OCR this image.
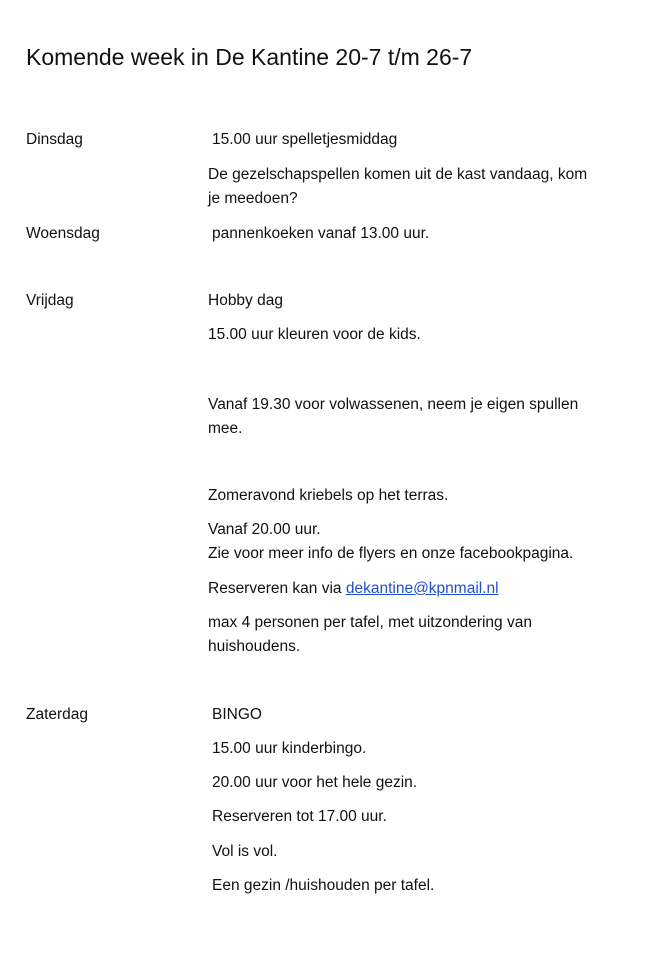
Komende week in De Kantine 20-7 t/m 26-7
Dinsdag	15.00 uur spelletjesmiddag
De gezelschapspellen komen uit de kast vandaag, kom
je meedoen?
Woensdag	pannenkoeken vanaf 13.00 uur.
Vrijdag	Hobby dag
15.00 uur kleuren voor de kids.
Vanaf 19.30 voor volwassenen, neem je eigen spullen
mee.
Zomeravond kriebels op het terras.
Vanaf 20.00 uur.
Zie voor meer info de flyers en onze facebookpagina.
Reserveren kan via dekantine@kpnmail.nl
max 4 personen per tafel, met uitzondering van
huishoudens.
Zaterdag	BINGO
15.00 uur kinderbingo.
20.00 uur voor het hele gezin.
Reserveren tot 17.00 uur.
Vol is vol.
Een gezin /huishouden per tafel.
